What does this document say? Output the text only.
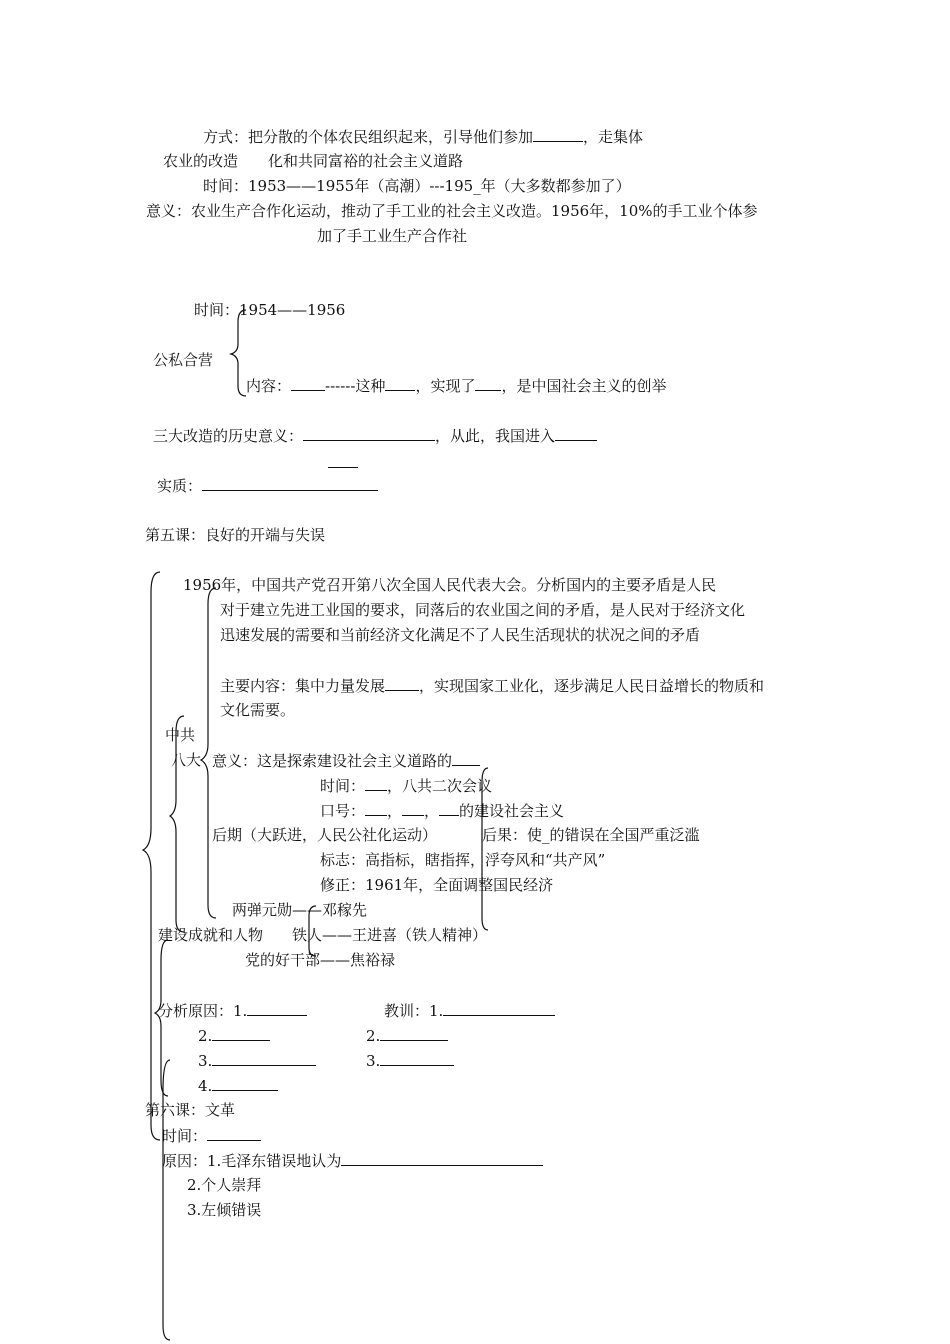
方式：把分散的个体农民组织起来，引导他们参加	，走集体
农业的改造 化和共同富裕的社会主义道路
时间：1953——1955年（高潮）---195_年（大多数都参加了）
意义：农业生产合作化运动，推动了手工业的社会主义改造。1956年，10%的手工业个体参
加了手工业生产合作社
时间：1954——1956
公私合营
内容： ------这种 ，实现了 ，是中国社会主义的创举
三大改造的历史意义：	，从此，我国进入
实质：
第五课：良好的开端与失误
1956年，中国共产党召开第八次全国人民代表大会。分析国内的主要矛盾是人民
对于建立先进工业国的要求，同落后的农业国之间的矛盾，是人民对于经济文化
迅速发展的需要和当前经济文化满足不了人民生活现状的状况之间的矛盾
主要内容：集中力量发展 ，实现国家工业化，逐步满足人民日益增长的物质和
文化需要。
中共
八大 意义：这是探索建设社会主义道路的
时间： ，八共二次会议
口号： ， ， 的建设社会主义
后期（大跃进，人民公社化运动）	后果：使_的错误在全国严重泛滥
标志：高指标，瞎指挥，浮夸风和“共产风”
修正：1961年，全面调整国民经济
两弹元勋——邓稼先
建设成就和人物 铁人——王进喜（铁人精神）
党的好干部——焦裕禄
分析原因：1.	教训：1.
2.	2.
3.	3.
4.
第六课：文革
时间：
原因：1.毛泽东错误地认为
2.个人崇拜
3.左倾错误
